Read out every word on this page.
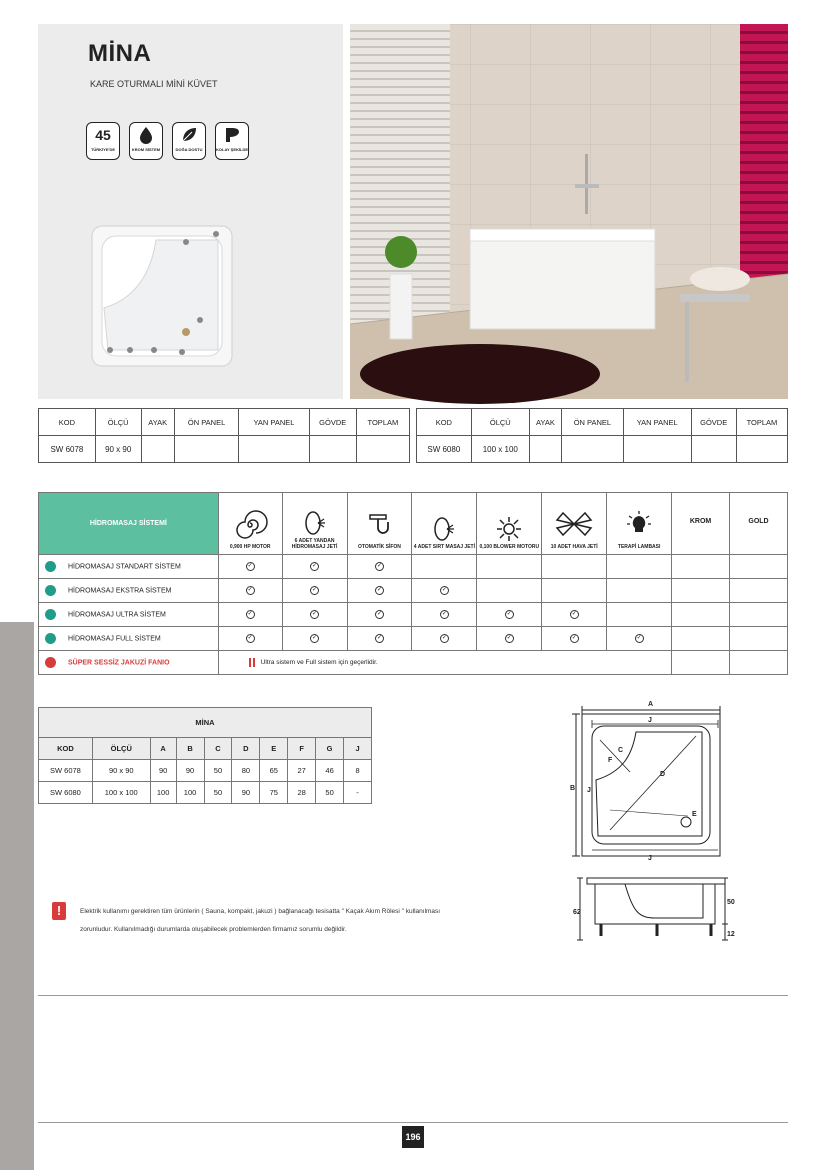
MİNA
KARE OTURMALI MİNİ KÜVET
45
TÜRKİYE'DE	KROM SİSTEM	DOĞA DOSTU	KOLAY ŞEKİLDE
KOD	ÖLÇÜ	AYAK	ÖN PANEL	YAN PANEL	GÖVDE	TOPLAM
SW 6078	90 x 90					
KOD	ÖLÇÜ	AYAK	ÖN PANEL	YAN PANEL	GÖVDE	TOPLAM
SW 6080	100 x 100					
HİDROMASAJ SİSTEMİ	0,900 HP MOTOR	6 ADET YANDAN HİDROMASAJ JETİ	OTOMATİK SİFON	4 ADET SIRT MASAJ JETİ	0,100 BLOWER MOTORU	10 ADET HAVA JETİ	TERAPİ LAMBASI	KROM	GOLD
HİDROMASAJ STANDART SİSTEM	✓	✓	✓						
HİDROMASAJ EKSTRA SİSTEM	✓	✓	✓	✓					
HİDROMASAJ ULTRA SİSTEM	✓	✓	✓	✓	✓	✓			
HİDROMASAJ FULL SİSTEM	✓	✓	✓	✓	✓	✓	✓		
SÜPER SESSİZ JAKUZİ FANIO	Ultra sistem ve Full sistem için geçerlidir.								
MİNA									
KOD	ÖLÇÜ	A	B	C	D	E	F	G	J
SW 6078	90 x 90	90	90	50	80	65	27	46	8
SW 6080	100 x 100	100	100	50	90	75	28	50	-
A
J
B J
C
D
E
F
J
62
50
12
!	Elektrik kullanımı gerektiren tüm ürünlerin ( Sauna, kompakt, jakuzi ) bağlanacağı tesisatta " Kaçak Akım Rölesi " kullanılması
zorunludur. Kullanılmadığı durumlarda oluşabilecek problemlerden firmamız sorumlu değildir.
196
